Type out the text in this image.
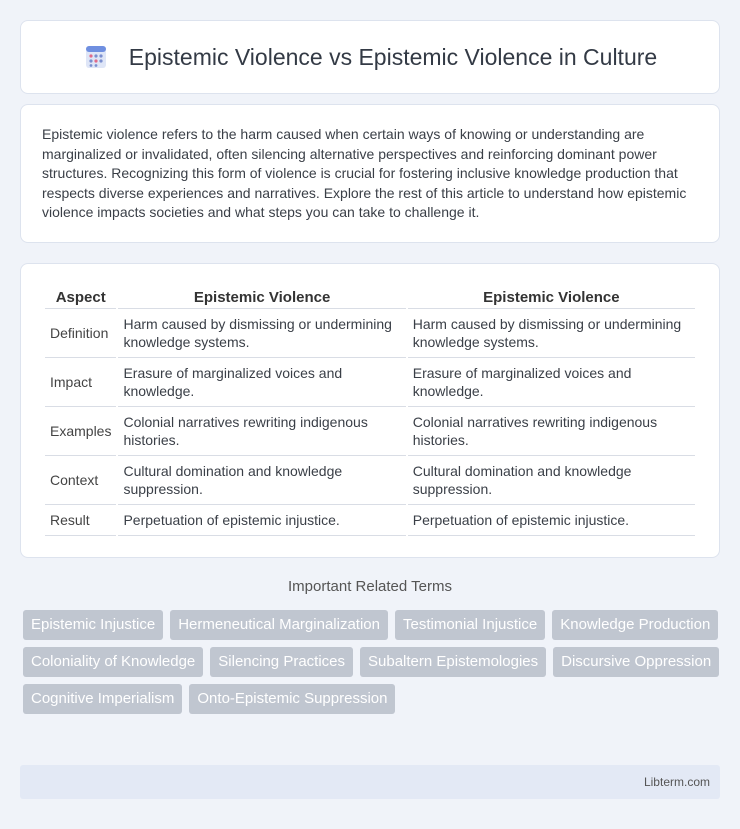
Epistemic Violence vs Epistemic Violence in Culture

Epistemic violence refers to the harm caused when certain ways of knowing or understanding are marginalized or invalidated, often silencing alternative perspectives and reinforcing dominant power structures. Recognizing this form of violence is crucial for fostering inclusive knowledge production that respects diverse experiences and narratives. Explore the rest of this article to understand how epistemic violence impacts societies and what steps you can take to challenge it.

Aspect	Epistemic Violence	Epistemic Violence
Definition	Harm caused by dismissing or undermining knowledge systems.	Harm caused by dismissing or undermining knowledge systems.
Impact	Erasure of marginalized voices and knowledge.	Erasure of marginalized voices and knowledge.
Examples	Colonial narratives rewriting indigenous histories.	Colonial narratives rewriting indigenous histories.
Context	Cultural domination and knowledge suppression.	Cultural domination and knowledge suppression.
Result	Perpetuation of epistemic injustice.	Perpetuation of epistemic injustice.
Important Related Terms
Epistemic Injustice	Hermeneutical Marginalization	Testimonial Injustice	Knowledge Production
Coloniality of Knowledge	Silencing Practices	Subaltern Epistemologies	Discursive Oppression
Cognitive Imperialism	Onto-Epistemic Suppression
Libterm.com
